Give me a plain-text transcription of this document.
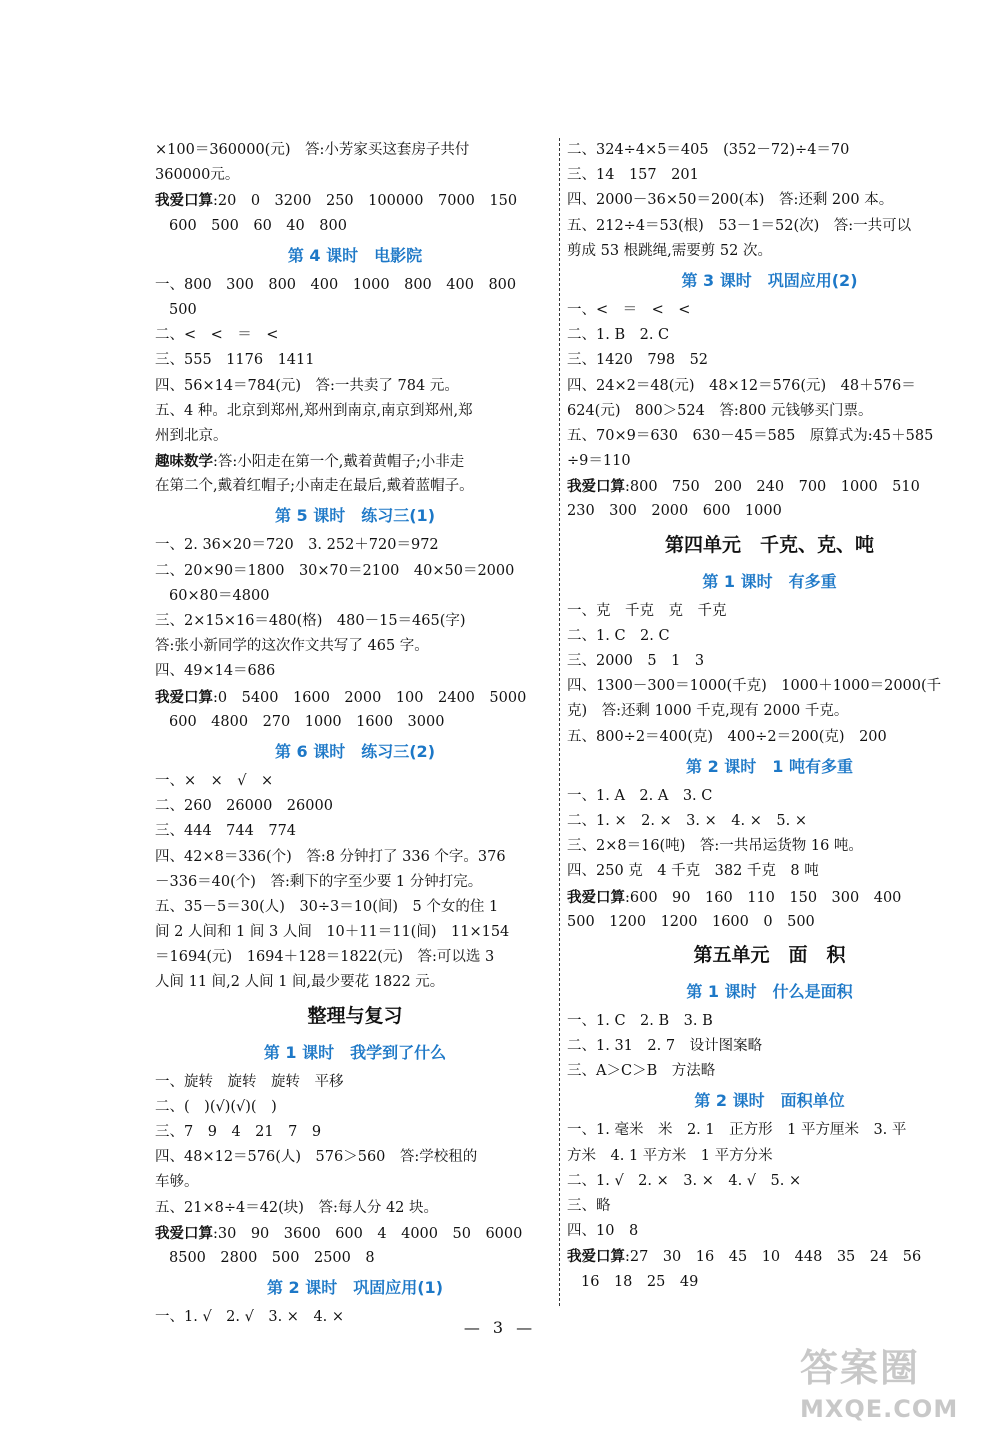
×100＝360000(元)　答:小芳家买这套房子共付
360000元。
我爱口算:20　0　3200　250　100000　7000　150
600　500　60　40　800
第 4 课时　电影院
一、800　300　800　400　1000　800　400　800
500
二、<　<　＝　<
三、555　1176　1411
四、56×14＝784(元)　答:一共卖了 784 元。
五、4 种。北京到郑州,郑州到南京,南京到郑州,郑
州到北京。
趣味数学:答:小阳走在第一个,戴着黄帽子;小非走
在第二个,戴着红帽子;小南走在最后,戴着蓝帽子。
第 5 课时　练习三(1)
一、2. 36×20＝720　3. 252＋720＝972
二、20×90＝1800　30×70＝2100　40×50＝2000
60×80＝4800
三、2×15×16＝480(格)　480－15＝465(字)
答:张小新同学的这次作文共写了 465 字。
四、49×14＝686
我爱口算:0　5400　1600　2000　100　2400　5000
600　4800　270　1000　1600　3000
第 6 课时　练习三(2)
一、×　×　√　×
二、260　26000　26000
三、444　744　774
四、42×8＝336(个)　答:8 分钟打了 336 个字。376
－336＝40(个)　答:剩下的字至少要 1 分钟打完。
五、35－5＝30(人)　30÷3＝10(间)　5 个女的住 1
间 2 人间和 1 间 3 人间　10＋11＝11(间)　11×154
＝1694(元)　1694＋128＝1822(元)　答:可以选 3
人间 11 间,2 人间 1 间,最少要花 1822 元。
整理与复习
第 1 课时　我学到了什么
一、旋转　旋转　旋转　平移
二、(　)(√)(√)(　)
三、7　9　4　21　7　9
四、48×12＝576(人)　576＞560　答:学校租的
车够。
五、21×8÷4＝42(块)　答:每人分 42 块。
我爱口算:30　90　3600　600　4　4000　50　6000
8500　2800　500　2500　8
第 2 课时　巩固应用(1)
一、1. √　2. √　3. ×　4. ×
二、324÷4×5＝405　(352－72)÷4＝70
三、14　157　201
四、2000－36×50＝200(本)　答:还剩 200 本。
五、212÷4＝53(根)　53－1＝52(次)　答:一共可以
剪成 53 根跳绳,需要剪 52 次。
第 3 课时　巩固应用(2)
一、<　＝　<　<
二、1. B　2. C
三、1420　798　52
四、24×2＝48(元)　48×12＝576(元)　48＋576＝
624(元)　800＞524　答:800 元钱够买门票。
五、70×9＝630　630－45＝585　原算式为:45＋585
÷9＝110
我爱口算:800　750　200　240　700　1000　510
230　300　2000　600　1000
第四单元　千克、克、吨
第 1 课时　有多重
一、克　千克　克　千克
二、1. C　2. C
三、2000　5　1　3
四、1300－300＝1000(千克)　1000＋1000＝2000(千
克)　答:还剩 1000 千克,现有 2000 千克。
五、800÷2＝400(克)　400÷2＝200(克)　200
第 2 课时　1 吨有多重
一、1. A　2. A　3. C
二、1. ×　2. ×　3. ×　4. ×　5. ×
三、2×8＝16(吨)　答:一共吊运货物 16 吨。
四、250 克　4 千克　382 千克　8 吨
我爱口算:600　90　160　110　150　300　400
500　1200　1200　1600　0　500
第五单元　面　积
第 1 课时　什么是面积
一、1. C　2. B　3. B
二、1. 31　2. 7　设计图案略
三、A＞C＞B　方法略
第 2 课时　面积单位
一、1. 毫米　米　2. 1　正方形　1 平方厘米　3. 平
方米　4. 1 平方米　1 平方分米
二、1. √　2. ×　3. ×　4. √　5. ×
三、略
四、10　8
我爱口算:27　30　16　45　10　448　35　24　56
16　18　25　49
— 3 —
答案圈
MXQE.COM
